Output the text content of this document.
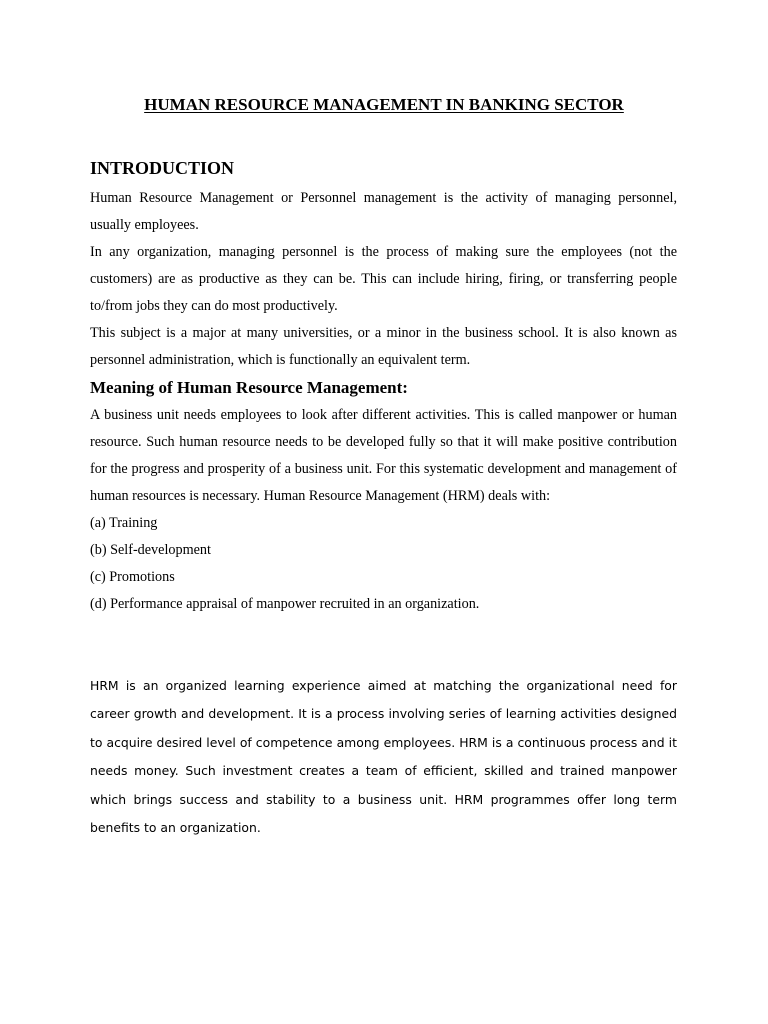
HUMAN RESOURCE MANAGEMENT IN BANKING SECTOR
INTRODUCTION

Human Resource Management or Personnel management is the activity of managing personnel, usually employees.

In any organization, managing personnel is the process of making sure the employees (not the customers) are as productive as they can be. This can include hiring, firing, or transferring people to/from jobs they can do most productively.

This subject is a major at many universities, or a minor in the business school. It is also known as personnel administration, which is functionally an equivalent term.

Meaning of Human Resource Management:

A business unit needs employees to look after different activities. This is called manpower or human resource. Such human resource needs to be developed fully so that it will make positive contribution for the progress and prosperity of a business unit. For this systematic development and management of human resources is necessary. Human Resource Management (HRM) deals with:

(a) Training

(b) Self-development

(c) Promotions

(d) Performance appraisal of manpower recruited in an organization.

HRM is an organized learning experience aimed at matching the organizational need for career growth and development. It is a process involving series of learning activities designed to acquire desired level of competence among employees. HRM is a continuous process and it needs money. Such investment creates a team of efficient, skilled and trained manpower which brings success and stability to a business unit. HRM programmes offer long term benefits to an organization.
